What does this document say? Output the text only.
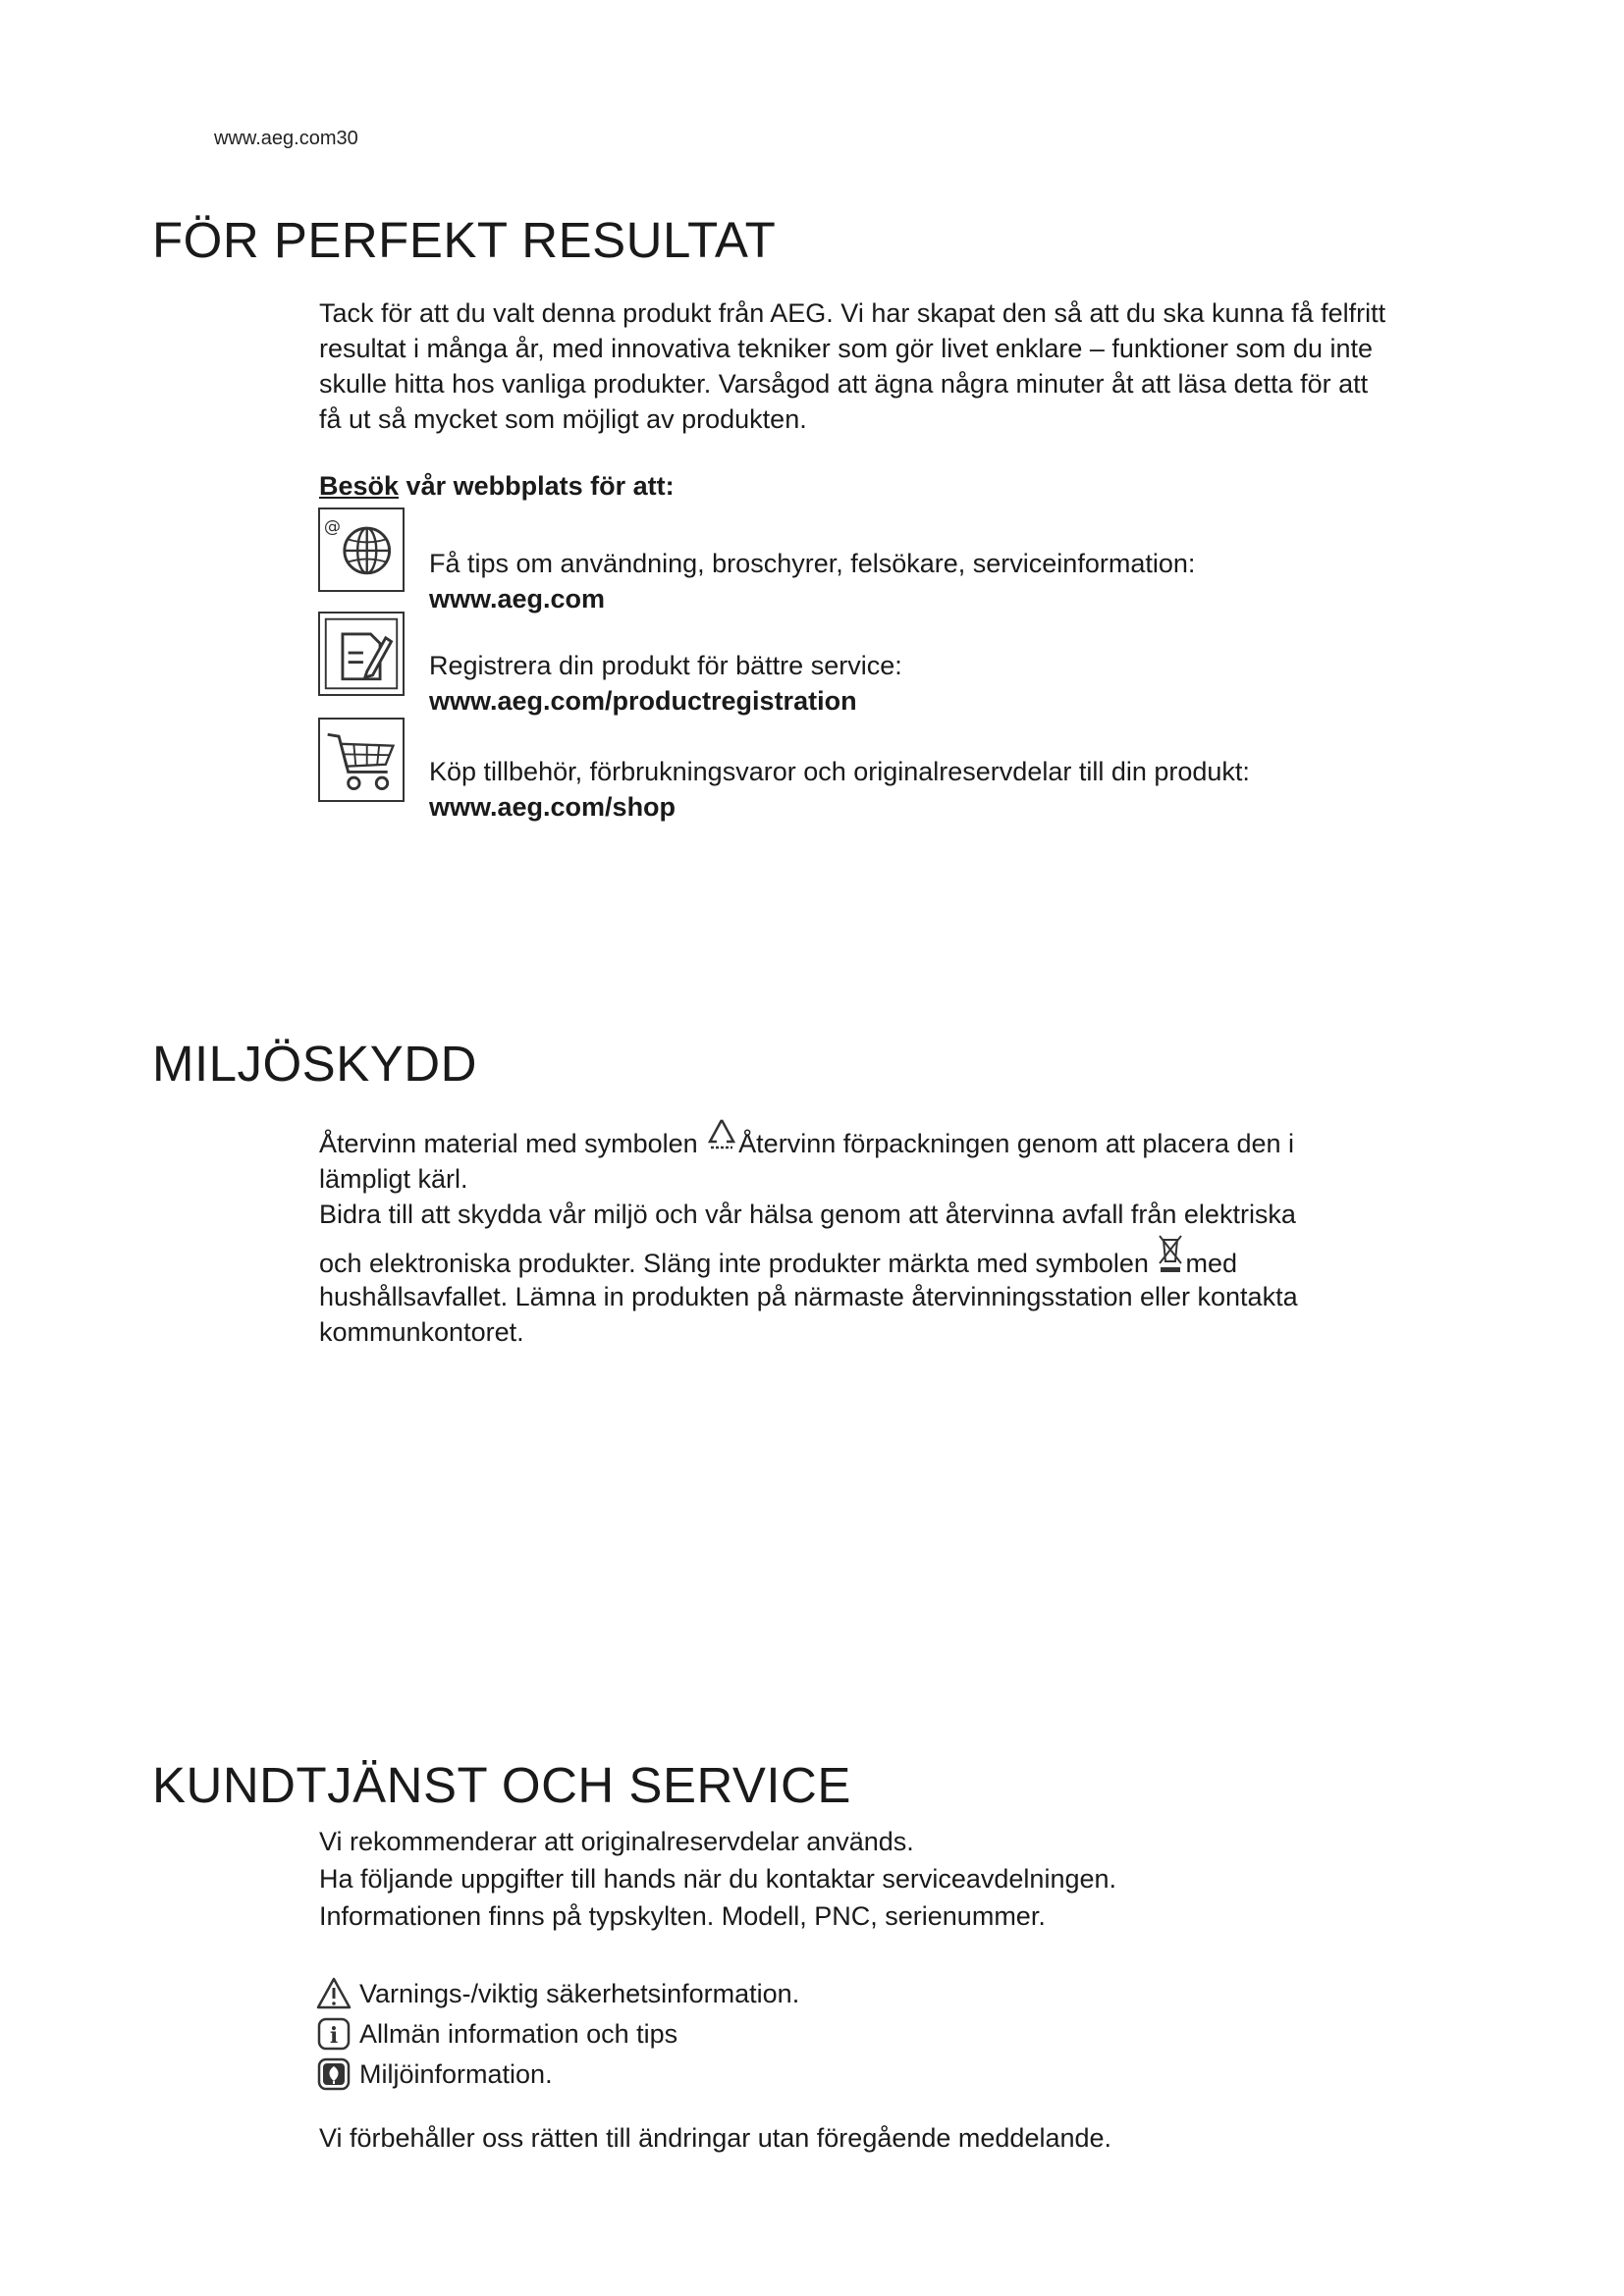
www.aeg.com30
FÖR PERFEKT RESULTAT
Tack för att du valt denna produkt från AEG. Vi har skapat den så att du ska kunna få felfritt
resultat i många år, med innovativa tekniker som gör livet enklare – funktioner som du inte
skulle hitta hos vanliga produkter. Varsågod att ägna några minuter åt att läsa detta för att
få ut så mycket som möjligt av produkten.
Besök vår webbplats för att:
@
Få tips om användning, broschyrer, felsökare, serviceinformation:
www.aeg.com
Registrera din produkt för bättre service:
www.aeg.com/productregistration
Köp tillbehör, förbrukningsvaror och originalreservdelar till din produkt:
www.aeg.com/shop
MILJÖSKYDD
Återvinn material med symbolen Återvinn förpackningen genom att placera den i
lämpligt kärl.
Bidra till att skydda vår miljö och vår hälsa genom att återvinna avfall från elektriska
och elektroniska produkter. Släng inte produkter märkta med symbolen med
hushållsavfallet. Lämna in produkten på närmaste återvinningsstation eller kontakta
kommunkontoret.
KUNDTJÄNST OCH SERVICE
Vi rekommenderar att originalreservdelar används.
Ha följande uppgifter till hands när du kontaktar serviceavdelningen.
Informationen finns på typskylten. Modell, PNC, serienummer.
Varnings-/viktig säkerhetsinformation.
i Allmän information och tips
Miljöinformation.
Vi förbehåller oss rätten till ändringar utan föregående meddelande.
